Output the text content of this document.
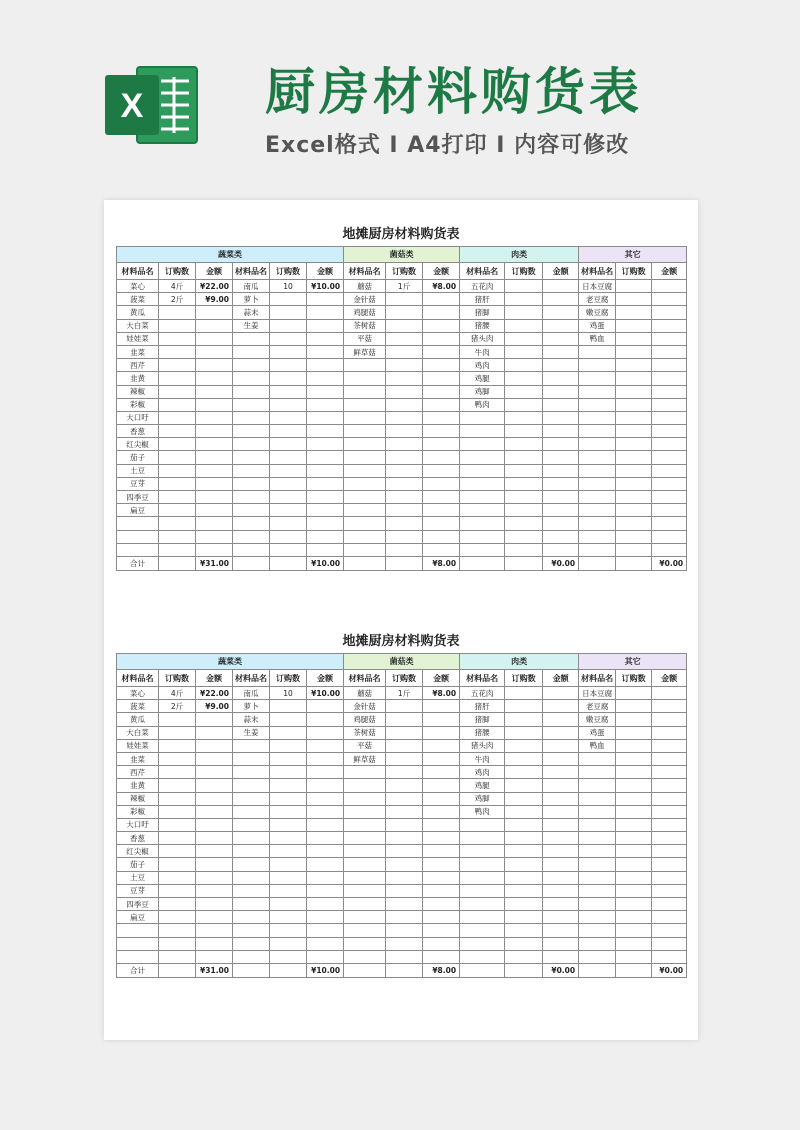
X 厨房材料购货表
Excel格式 I A4打印 I 内容可修改
地摊厨房材料购货表
蔬菜类						菌菇类			肉类			其它		
材料品名	订购数	金额	材料品名	订购数	金额	材料品名	订购数	金额	材料品名	订购数	金额	材料品名	订购数	金额
菜心	4斤	¥22.00	南瓜	10	¥10.00	蘑菇	1斤	¥8.00	五花肉			日本豆腐		
菠菜	2斤	¥9.00	萝卜			金针菇			猪肝			老豆腐		
黄瓜			蒜末			鸡腿菇			猪脚			嫩豆腐		
大白菜			生姜			茶树菇			猪腰			鸡蛋		
娃娃菜						平菇			猪头肉			鸭血		
韭菜						鲜草菇			牛肉					
西芹									鸡肉					
韭黄									鸡腿					
辣椒									鸡脚					
彩椒									鸭肉					
大口吁														
香葱														
红尖椒														
茄子														
土豆														
豆芽														
四季豆														
扁豆														

合计		¥31.00			¥10.00			¥8.00			¥0.00			¥0.00
地摊厨房材料购货表
蔬菜类						菌菇类			肉类			其它		
材料品名	订购数	金额	材料品名	订购数	金额	材料品名	订购数	金额	材料品名	订购数	金额	材料品名	订购数	金额
菜心	4斤	¥22.00	南瓜	10	¥10.00	蘑菇	1斤	¥8.00	五花肉			日本豆腐		
菠菜	2斤	¥9.00	萝卜			金针菇			猪肝			老豆腐		
黄瓜			蒜末			鸡腿菇			猪脚			嫩豆腐		
大白菜			生姜			茶树菇			猪腰			鸡蛋		
娃娃菜						平菇			猪头肉			鸭血		
韭菜						鲜草菇			牛肉					
西芹									鸡肉					
韭黄									鸡腿					
辣椒									鸡脚					
彩椒									鸭肉					
大口吁														
香葱														
红尖椒														
茄子														
土豆														
豆芽														
四季豆														
扁豆														

合计		¥31.00			¥10.00			¥8.00			¥0.00			¥0.00
